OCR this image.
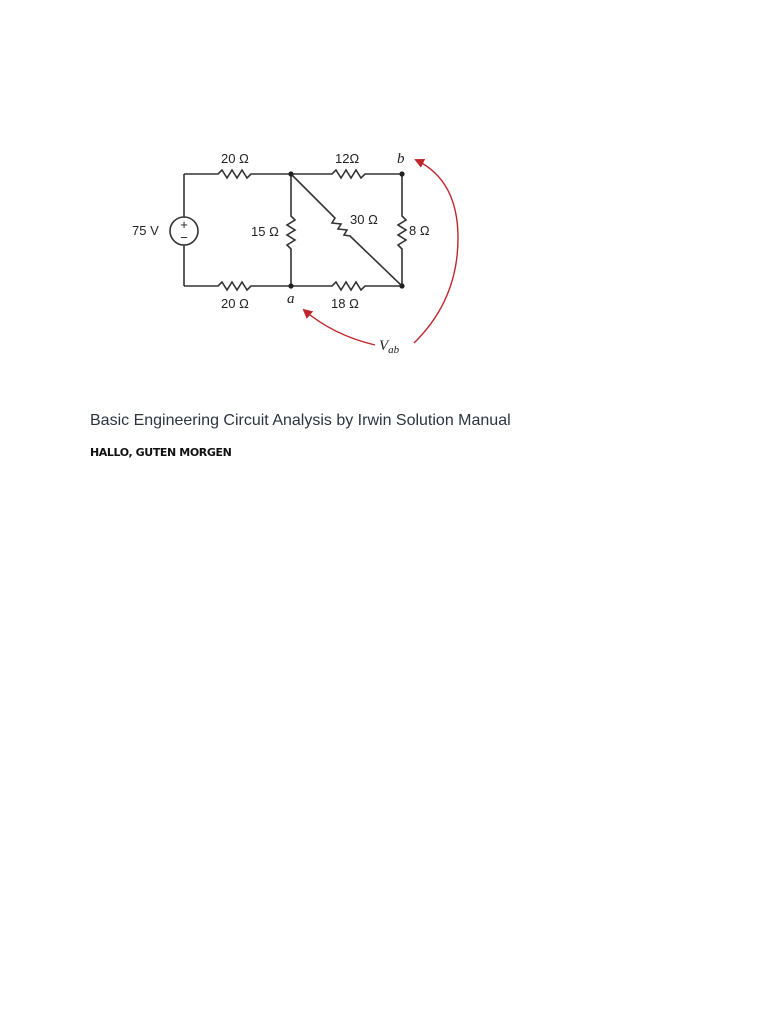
+
−
75 V
20 Ω	12Ω
20 Ω	18 Ω
15 Ω
30 Ω
8 Ω
a
b
$V_{ab}$
Basic Engineering Circuit Analysis by Irwin Solution Manual

HALLO, GUTEN MORGEN
